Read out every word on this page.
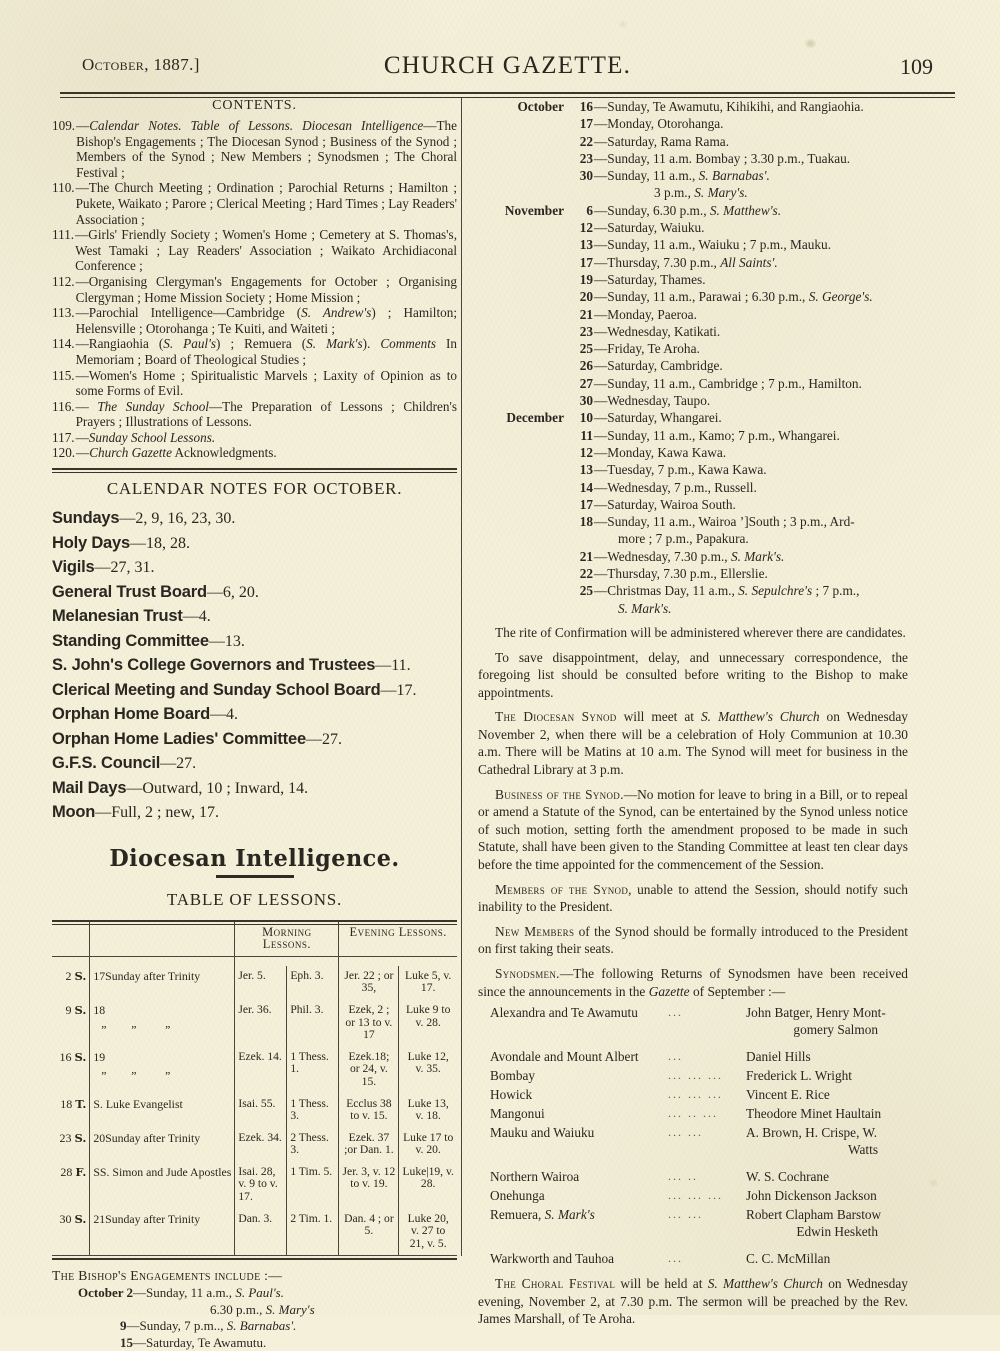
October, 1887.]	CHURCH GAZETTE.	109
CONTENTS.
109. —Calendar Notes. Table of Lessons. Diocesan Intelligence—The Bishop's Engagements ; The Diocesan Synod ; Business of the Synod ; Members of the Synod ; New Members ; Synodsmen ; The Choral Festival ;
110. —The Church Meeting ; Ordination ; Parochial Returns ; Hamilton ; Pukete, Waikato ; Parore ; Clerical Meeting ; Hard Times ; Lay Readers' Association ;
111. —Girls' Friendly Society ; Women's Home ; Cemetery at S. Thomas's, West Tamaki ; Lay Readers' Association ; Waikato Archidiaconal Conference ;
112. —Organising Clergyman's Engagements for October ; Organising Clergyman ; Home Mission Society ; Home Mission ;
113. —Parochial Intelligence—Cambridge (S. Andrew's) ; Hamilton; Helensville ; Otorohanga ; Te Kuiti, and Waiteti ;
114. —Rangiaohia (S. Paul's) ; Remuera (S. Mark's). Comments In Memoriam ; Board of Theological Studies ;
115. —Women's Home ; Spiritualistic Marvels ; Laxity of Opinion as to some Forms of Evil.
116. — The Sunday School—The Preparation of Lessons ; Children's Prayers ; Illustrations of Lessons.
117. —Sunday School Lessons.
120. —Church Gazette Acknowledgments.
CALENDAR NOTES FOR OCTOBER.
Sundays—2, 9, 16, 23, 30.
Holy Days—18, 28.
Vigils—27, 31.
General Trust Board—6, 20.
Melanesian Trust—4.
Standing Committee—13.
S. John's College Governors and Trustees—11.
Clerical Meeting and Sunday School Board—17.
Orphan Home Board—4.
Orphan Home Ladies' Committee—27.
G.F.S. Council—27.
Mail Days—Outward, 10 ; Inward, 14.
Moon—Full, 2 ; new, 17.
Diocesan Intelligence.
TABLE OF LESSONS.
		Morning Lessons.		Evening Lessons.	

2 S.	17Sunday after Trinity	Jer. 5.	Eph. 3.	Jer. 22 ; or 35,	Luke 5, v. 17.
9 S.	18  „      „       „	Jer. 36.	Phil. 3.	Ezek, 2 ; or 13 to v. 17	Luke 9 to v. 28.
16 S.	19  „      „       „	Ezek. 14.	1 Thess. 1.	Ezek.18; or 24, v. 15.	Luke 12, v. 35.
18 T.	S. Luke Evangelist	Isai. 55.	1 Thess. 3.	Ecclus 38 to v. 15.	Luke 13, v. 18.
23 S.	20Sunday after Trinity	Ezek. 34.	2 Thess. 3.	Ezek. 37 ;or Dan. 1.	Luke 17 to v. 20.
28 F.	SS. Simon and Jude Apostles	Isai. 28, v. 9 to v. 17.	1 Tim. 5.	Jer. 3, v. 12 to v. 19.	Luke|19, v. 28.
30 S.	21Sunday after Trinity	Dan. 3.	2 Tim. 1.	Dan. 4 ; or 5.	Luke 20, v. 27 to 21, v. 5.
The Bishop's Engagements include :—
October 2—Sunday, 11 a.m., S. Paul's.
6.30 p.m., S. Mary's
9—Sunday, 7 p.m.., S. Barnabas'.
15—Saturday, Te Awamutu.
October	16 —Sunday, Te Awamutu, Kihikihi, and Rangiaohia.
17 —Monday, Otorohanga.
22 —Saturday, Rama Rama.
23 —Sunday, 11 a.m. Bombay ; 3.30 p.m., Tuakau.
30 —Sunday, 11 a.m., S. Barnabas'.
3 p.m., S. Mary's.
November	6 —Sunday, 6.30 p.m., S. Matthew's.
12 —Saturday, Waiuku.
13 —Sunday, 11 a.m., Waiuku ; 7 p.m., Mauku.
17 —Thursday, 7.30 p.m., All Saints'.
19 —Saturday, Thames.
20 —Sunday, 11 a.m., Parawai ; 6.30 p.m., S. George's.
21 —Monday, Paeroa.
23 —Wednesday, Katikati.
25 —Friday, Te Aroha.
26 —Saturday, Cambridge.
27 —Sunday, 11 a.m., Cambridge ; 7 p.m., Hamilton.
30 —Wednesday, Taupo.
December	10 —Saturday, Whangarei.
11 —Sunday, 11 a.m., Kamo; 7 p.m., Whangarei.
12 —Monday, Kawa Kawa.
13 —Tuesday, 7 p.m., Kawa Kawa.
14 —Wednesday, 7 p.m., Russell.
17 —Saturday, Wairoa South.
18 —Sunday, 11 a.m., Wairoa ’]South ; 3 p.m., Ard-
more ; 7 p.m., Papakura.
21 —Wednesday, 7.30 p.m., S. Mark's.
22 —Thursday, 7.30 p.m., Ellerslie.
25 —Christmas Day, 11 a.m., S. Sepulchre's ; 7 p.m.,
S. Mark's.

The rite of Confirmation will be administered wherever there are candidates.

To save disappointment, delay, and unnecessary correspondence, the foregoing list should be consulted before writing to the Bishop to make appointments.

The Diocesan Synod will meet at S. Matthew's Church on Wednesday November 2, when there will be a celebration of Holy Communion at 10.30 a.m. There will be Matins at 10 a.m. The Synod will meet for business in the Cathedral Library at 3 p.m.

Business of the Synod.—No motion for leave to bring in a Bill, or to repeal or amend a Statute of the Synod, can be entertained by the Synod unless notice of such motion, setting forth the amendment proposed to be made in such Statute, shall have been given to the Standing Committee at least ten clear days before the time appointed for the commencement of the Session.

Members of the Synod, unable to attend the Session, should notify such inability to the President.

New Members of the Synod should be formally introduced to the President on first taking their seats.

Synodsmen.—The following Returns of Synodsmen have been received since the announcements in the Gazette of September :—

Alexandra and Te Awamutu	...	John Batger, Henry Mont-
gomery Salmon

Avondale and Mount Albert	...	Daniel Hills
Bombay	... ... ...	Frederick L. Wright
Howick	... ... ...	Vincent E. Rice
Mangonui	... .. ...	Theodore Minet Haultain
Mauku and Waiuku	... ...	A. Brown, H. Crispe, W.
Watts

Northern Wairoa	... ..	W. S. Cochrane
Onehunga	... ... ...	John Dickenson Jackson
Remuera, S. Mark's	... ...	Robert Clapham Barstow
Edwin Hesketh

Warkworth and Tauhoa	...	C. C. McMillan

The Choral Festival will be held at S. Matthew's Church on Wednesday evening, November 2, at 7.30 p.m. The sermon will be preached by the Rev. James Marshall, of Te Aroha.
